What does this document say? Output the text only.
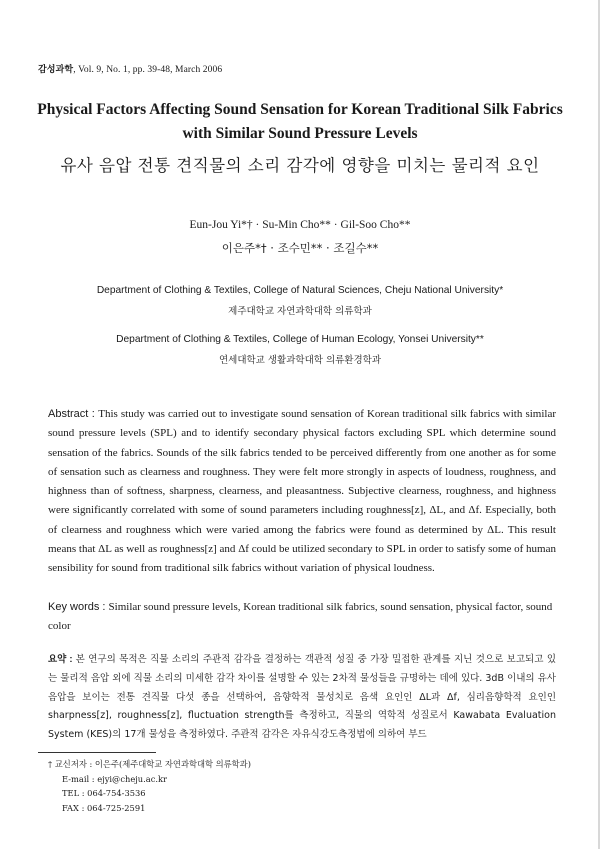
감성과학, Vol. 9, No. 1, pp. 39-48, March 2006
Physical Factors Affecting Sound Sensation for Korean Traditional Silk Fabrics
with Similar Sound Pressure Levels
유사 음압 전통 견직물의 소리 감각에 영향을 미치는 물리적 요인
Eun-Jou Yi*† · Su-Min Cho** · Gil-Soo Cho**
이은주*† · 조수민** · 조길수**
Department of Clothing & Textiles, College of Natural Sciences, Cheju National University*
제주대학교 자연과학대학 의류학과
Department of Clothing & Textiles, College of Human Ecology, Yonsei University**
연세대학교 생활과학대학 의류환경학과

Abstract : This study was carried out to investigate sound sensation of Korean traditional silk fabrics with similar sound pressure levels (SPL) and to identify secondary physical factors excluding SPL which determine sound sensation of the fabrics. Sounds of the silk fabrics tended to be perceived differently from one another as for some of sensation such as clearness and roughness. They were felt more strongly in aspects of loudness, roughness, and highness than of softness, sharpness, clearness, and pleasantness. Subjective clearness, roughness, and highness were significantly correlated with some of sound parameters including roughness[z], ΔL, and Δf. Especially, both of clearness and roughness which were varied among the fabrics were found as determined by ΔL. This result means that ΔL as well as roughness[z] and Δf could be utilized secondary to SPL in order to satisfy some of human sensibility for sound from traditional silk fabrics without variation of physical loudness.

Key words : Similar sound pressure levels, Korean traditional silk fabrics, sound sensation, physical factor, sound color

요약 : 본 연구의 목적은 직물 소리의 주관적 감각을 결정하는 객관적 성질 중 가장 밀접한 관계를 지닌 것으로 보고되고 있는 물리적 음압 외에 직물 소리의 미세한 감각 차이를 설명할 수 있는 2차적 물성들을 규명하는 데에 있다. 3dB 이내의 유사 음압을 보이는 전통 견직물 다섯 종을 선택하여, 음향학적 물성치로 음색 요인인 ΔL과 Δf, 심리음향학적 요인인 sharpness[z], roughness[z], fluctuation strength를 측정하고, 직물의 역학적 성질로서 Kawabata Evaluation System (KES)의 17개 물성을 측정하였다. 주관적 감각은 자유식강도측정법에 의하여 부드

† 교신저자 : 이은주(제주대학교 자연과학대학 의류학과)
E-mail : ejyi@cheju.ac.kr
TEL : 064-754-3536
FAX : 064-725-2591
